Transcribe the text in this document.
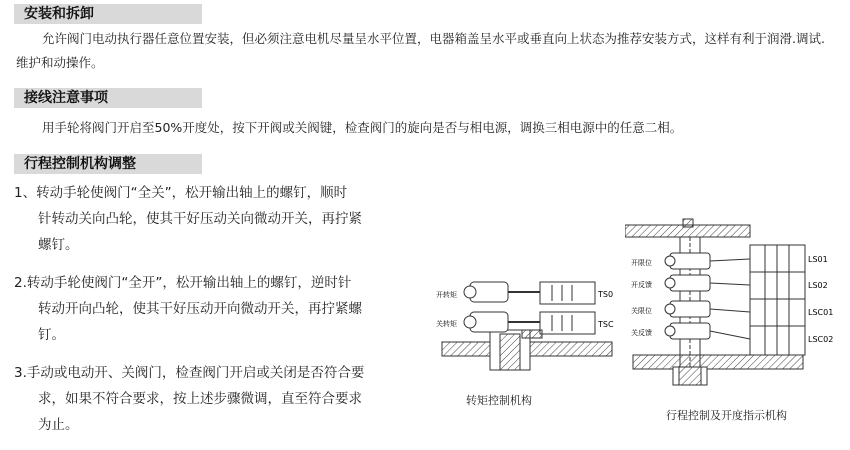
安装和拆卸
允许阀门电动执行器任意位置安装，但必须注意电机尽量呈水平位置，电器箱盖呈水平或垂直向上状态为推荐安装方式，这样有利于润滑.调试.维护和动操作。
接线注意事项
用手轮将阀门开启至50%开度处，按下开阀或关阀键，检查阀门的旋向是否与相电源，调换三相电源中的任意二相。
行程控制机构调整
1、转动手轮使阀门“全关”，松开输出轴上的螺钉，顺时
针转动关向凸轮，使其干好压动关向微动开关，再拧紧
螺钉。
2.转动手轮使阀门“全开”，松开输出轴上的螺钉，逆时针
转动开向凸轮，使其干好压动开向微动开关，再拧紧螺
钉。
3.手动或电动开、关阀门，检查阀门开启或关闭是否符合要
求，如果不符合要求，按上述步骤微调，直至符合要求
为止。
开转矩
关转矩
TS0
TSC
转矩控制机构
开限位
开反馈
关限位
关反馈
LS01
LS02
LSC01
LSC02
行程控制及开度指示机构
